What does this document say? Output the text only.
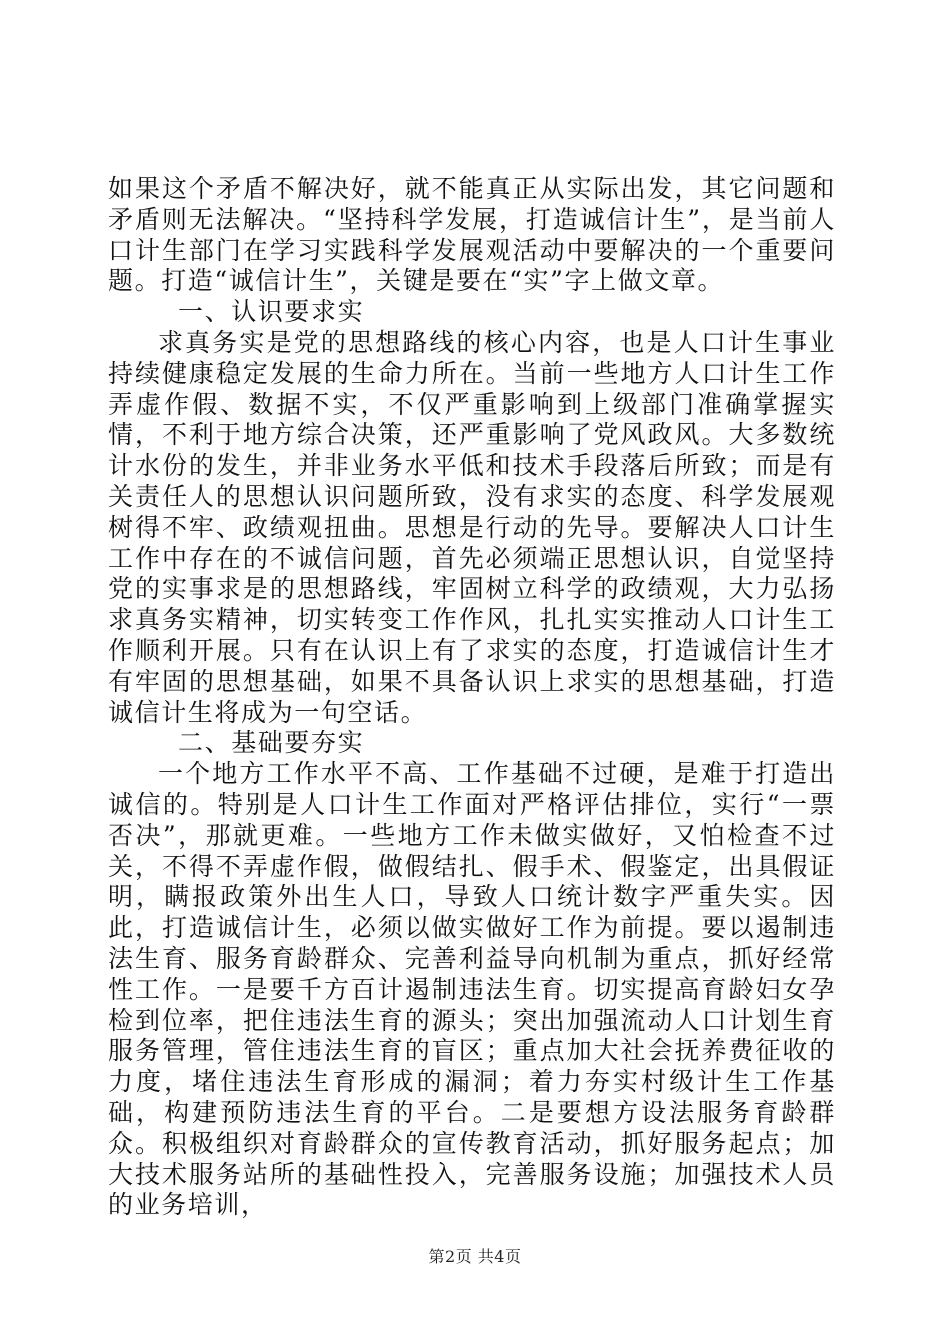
如果这个矛盾不解决好，就不能真正从实际出发，其它问题和矛盾则无法解决。“坚持科学发展，打造诚信计生”，是当前人口计生部门在学习实践科学发展观活动中要解决的一个重要问题。打造“诚信计生”，关键是要在“实”字上做文章。

一、认识要求实

求真务实是党的思想路线的核心内容，也是人口计生事业持续健康稳定发展的生命力所在。当前一些地方人口计生工作弄虚作假、数据不实，不仅严重影响到上级部门准确掌握实情，不利于地方综合决策，还严重影响了党风政风。大多数统计水份的发生，并非业务水平低和技术手段落后所致；而是有关责任人的思想认识问题所致，没有求实的态度、科学发展观树得不牢、政绩观扭曲。思想是行动的先导。要解决人口计生工作中存在的不诚信问题，首先必须端正思想认识，自觉坚持党的实事求是的思想路线，牢固树立科学的政绩观，大力弘扬求真务实精神，切实转变工作作风，扎扎实实推动人口计生工作顺利开展。只有在认识上有了求实的态度，打造诚信计生才有牢固的思想基础，如果不具备认识上求实的思想基础，打造诚信计生将成为一句空话。

二、基础要夯实

一个地方工作水平不高、工作基础不过硬，是难于打造出诚信的。特别是人口计生工作面对严格评估排位，实行“一票否决”，那就更难。一些地方工作未做实做好，又怕检查不过关，不得不弄虚作假，做假结扎、假手术、假鉴定，出具假证明，瞒报政策外出生人口，导致人口统计数字严重失实。因此，打造诚信计生，必须以做实做好工作为前提。要以遏制违法生育、服务育龄群众、完善利益导向机制为重点，抓好经常性工作。一是要千方百计遏制违法生育。切实提高育龄妇女孕检到位率，把住违法生育的源头；突出加强流动人口计划生育服务管理，管住违法生育的盲区；重点加大社会抚养费征收的力度，堵住违法生育形成的漏洞；着力夯实村级计生工作基础，构建预防违法生育的平台。二是要想方设法服务育龄群众。积极组织对育龄群众的宣传教育活动，抓好服务起点；加大技术服务站所的基础性投入，完善服务设施；加强技术人员的业务培训，

第2页 共4页
